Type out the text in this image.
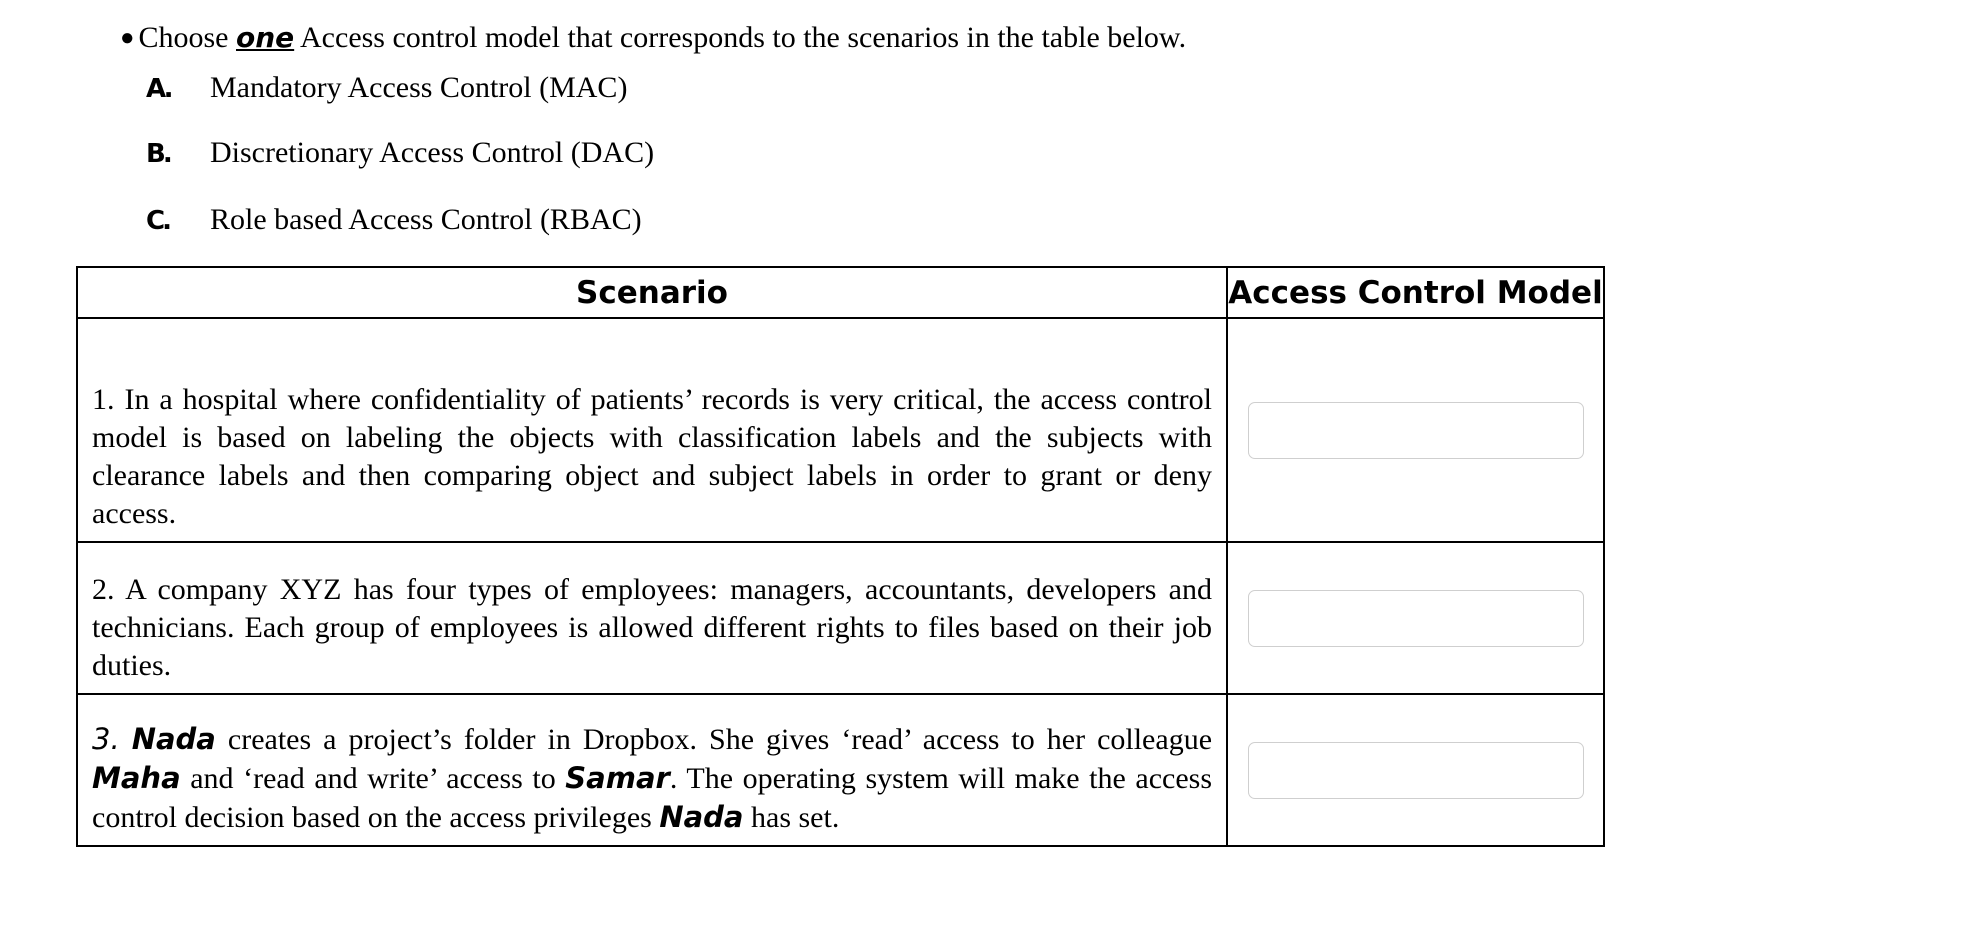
● Choose one Access control model that corresponds to the scenarios in the table below.
A. Mandatory Access Control (MAC)
B. Discretionary Access Control (DAC)
C. Role based Access Control (RBAC)
Scenario	Access Control Model
1. In a hospital where confidentiality of patients’ records is very critical, the access control model is based on labeling the objects with classification labels and the subjects with clearance labels and then comparing object and subject labels in order to grant or deny access.	

2. A company XYZ has four types of employees: managers, accountants, developers and technicians. Each group of employees is allowed different rights to files based on their job duties.	

3. Nada creates a project’s folder in Dropbox. She gives ‘read’ access to her colleague Maha and ‘read and write’ access to Samar. The operating system will make the access control decision based on the access privileges Nada has set.	
